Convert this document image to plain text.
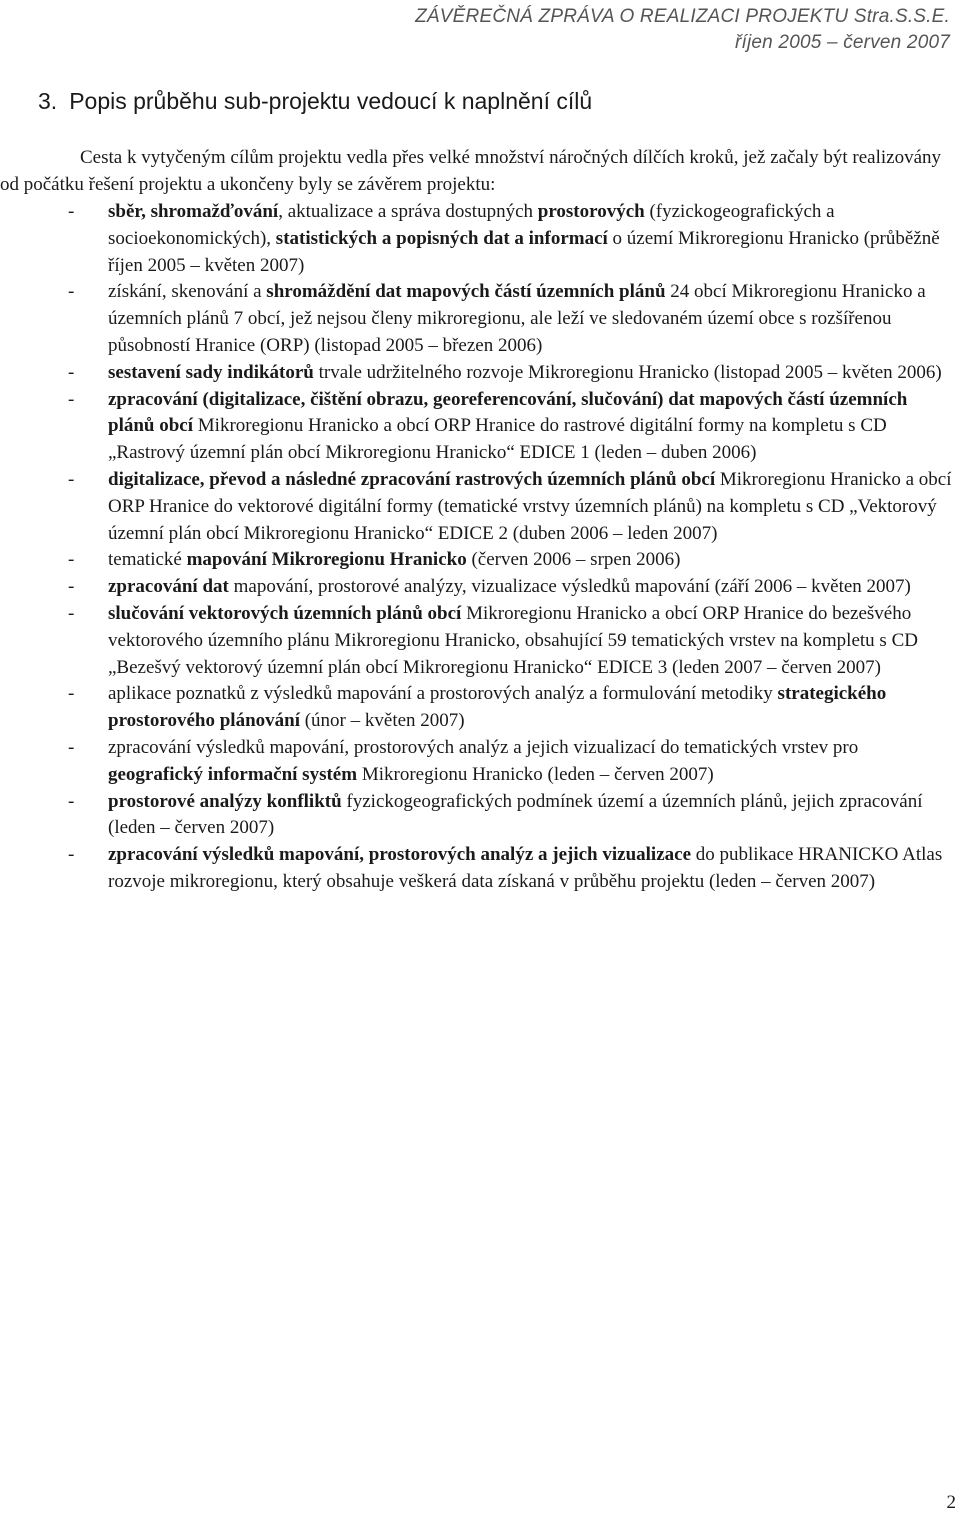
ZÁVĚREČNÁ ZPRÁVA O REALIZACI PROJEKTU Stra.S.S.E.
říjen 2005 – červen 2007
3. Popis průběhu sub-projektu vedoucí k naplnění cílů

Cesta k vytyčeným cílům projektu vedla přes velké množství náročných dílčích kroků, jež začaly být realizovány od počátku řešení projektu a ukončeny byly se závěrem projektu:

- sběr, shromažďování, aktualizace a správa dostupných prostorových (fyzickogeografických a socioekonomických), statistických a popisných dat a informací o území Mikroregionu Hranicko (průběžně říjen 2005 – květen 2007)
- získání, skenování a shromáždění dat mapových částí územních plánů 24 obcí Mikroregionu Hranicko a územních plánů 7 obcí, jež nejsou členy mikroregionu, ale leží ve sledovaném území obce s rozšířenou působností Hranice (ORP) (listopad 2005 – březen 2006)
- sestavení sady indikátorů trvale udržitelného rozvoje Mikroregionu Hranicko (listopad 2005 – květen 2006)
- zpracování (digitalizace, čištění obrazu, georeferencování, slučování) dat mapových částí územních plánů obcí Mikroregionu Hranicko a obcí ORP Hranice do rastrové digitální formy na kompletu s CD „Rastrový územní plán obcí Mikroregionu Hranicko“ EDICE 1 (leden – duben 2006)
- digitalizace, převod a následné zpracování rastrových územních plánů obcí Mikroregionu Hranicko a obcí ORP Hranice do vektorové digitální formy (tematické vrstvy územních plánů) na kompletu s CD „Vektorový územní plán obcí Mikroregionu Hranicko“ EDICE 2 (duben 2006 – leden 2007)
- tematické mapování Mikroregionu Hranicko (červen 2006 – srpen 2006)
- zpracování dat mapování, prostorové analýzy, vizualizace výsledků mapování (září 2006 – květen 2007)
- slučování vektorových územních plánů obcí Mikroregionu Hranicko a obcí ORP Hranice do bezešvého vektorového územního plánu Mikroregionu Hranicko, obsahující 59 tematických vrstev na kompletu s CD „Bezešvý vektorový územní plán obcí Mikroregionu Hranicko“ EDICE 3 (leden 2007 – červen 2007)
- aplikace poznatků z výsledků mapování a prostorových analýz a formulování metodiky strategického prostorového plánování (únor – květen 2007)
- zpracování výsledků mapování, prostorových analýz a jejich vizualizací do tematických vrstev pro geografický informační systém Mikroregionu Hranicko (leden – červen 2007)
- prostorové analýzy konfliktů fyzickogeografických podmínek území a územních plánů, jejich zpracování (leden – červen 2007)
- zpracování výsledků mapování, prostorových analýz a jejich vizualizace do publikace HRANICKO Atlas rozvoje mikroregionu, který obsahuje veškerá data získaná v průběhu projektu (leden – červen 2007)
2
